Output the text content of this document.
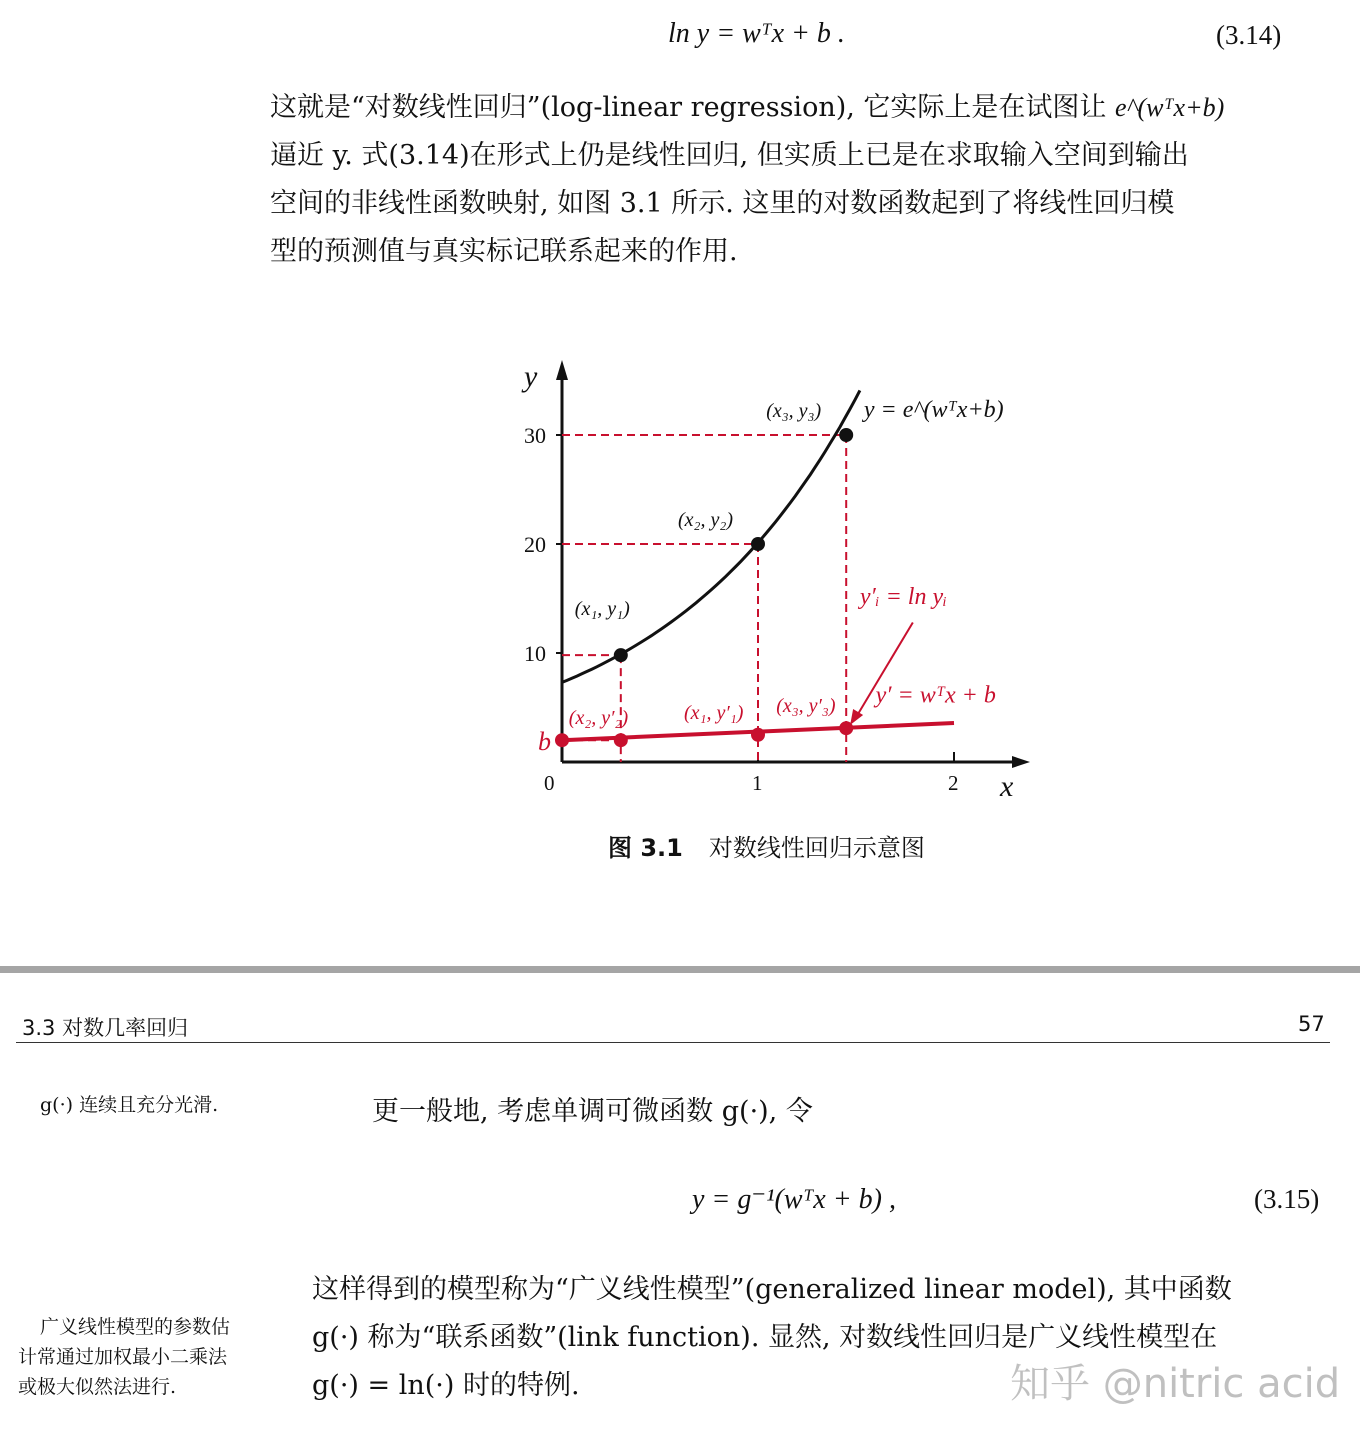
ln y = wᵀx + b .	(3.14)
这就是“对数线性回归”(log-linear regression), 它实际上是在试图让 e^(wᵀx+b)
逼近 y. 式(3.14)在形式上仍是线性回归, 但实质上已是在求取输入空间到输出
空间的非线性函数映射, 如图 3.1 所示. 这里的对数函数起到了将线性回归模
型的预测值与真实标记联系起来的作用.
y
x
10
20
30
0	1	2
(x₁, y₁)
(x₂, y₂)
(x₃, y₃)
(x₂, y′₂)	(x₁, y′₁) (x₃, y′₃)
b
y = e^(wᵀx+b)
y′ = wᵀx + b
y′ᵢ = ln yᵢ
图 3.1 对数线性回归示意图
3.3 对数几率回归	57
g(·) 连续且充分光滑.	更一般地, 考虑单调可微函数 g(·), 令
y = g⁻¹(wᵀx + b) ,	(3.15)
这样得到的模型称为“广义线性模型”(generalized linear model), 其中函数
g(·) 称为“联系函数”(link function). 显然, 对数线性回归是广义线性模型在
g(·) = ln(·) 时的特例.
广义线性模型的参数估
计常通过加权最小二乘法
或极大似然法进行.	知乎 @nitric acid
